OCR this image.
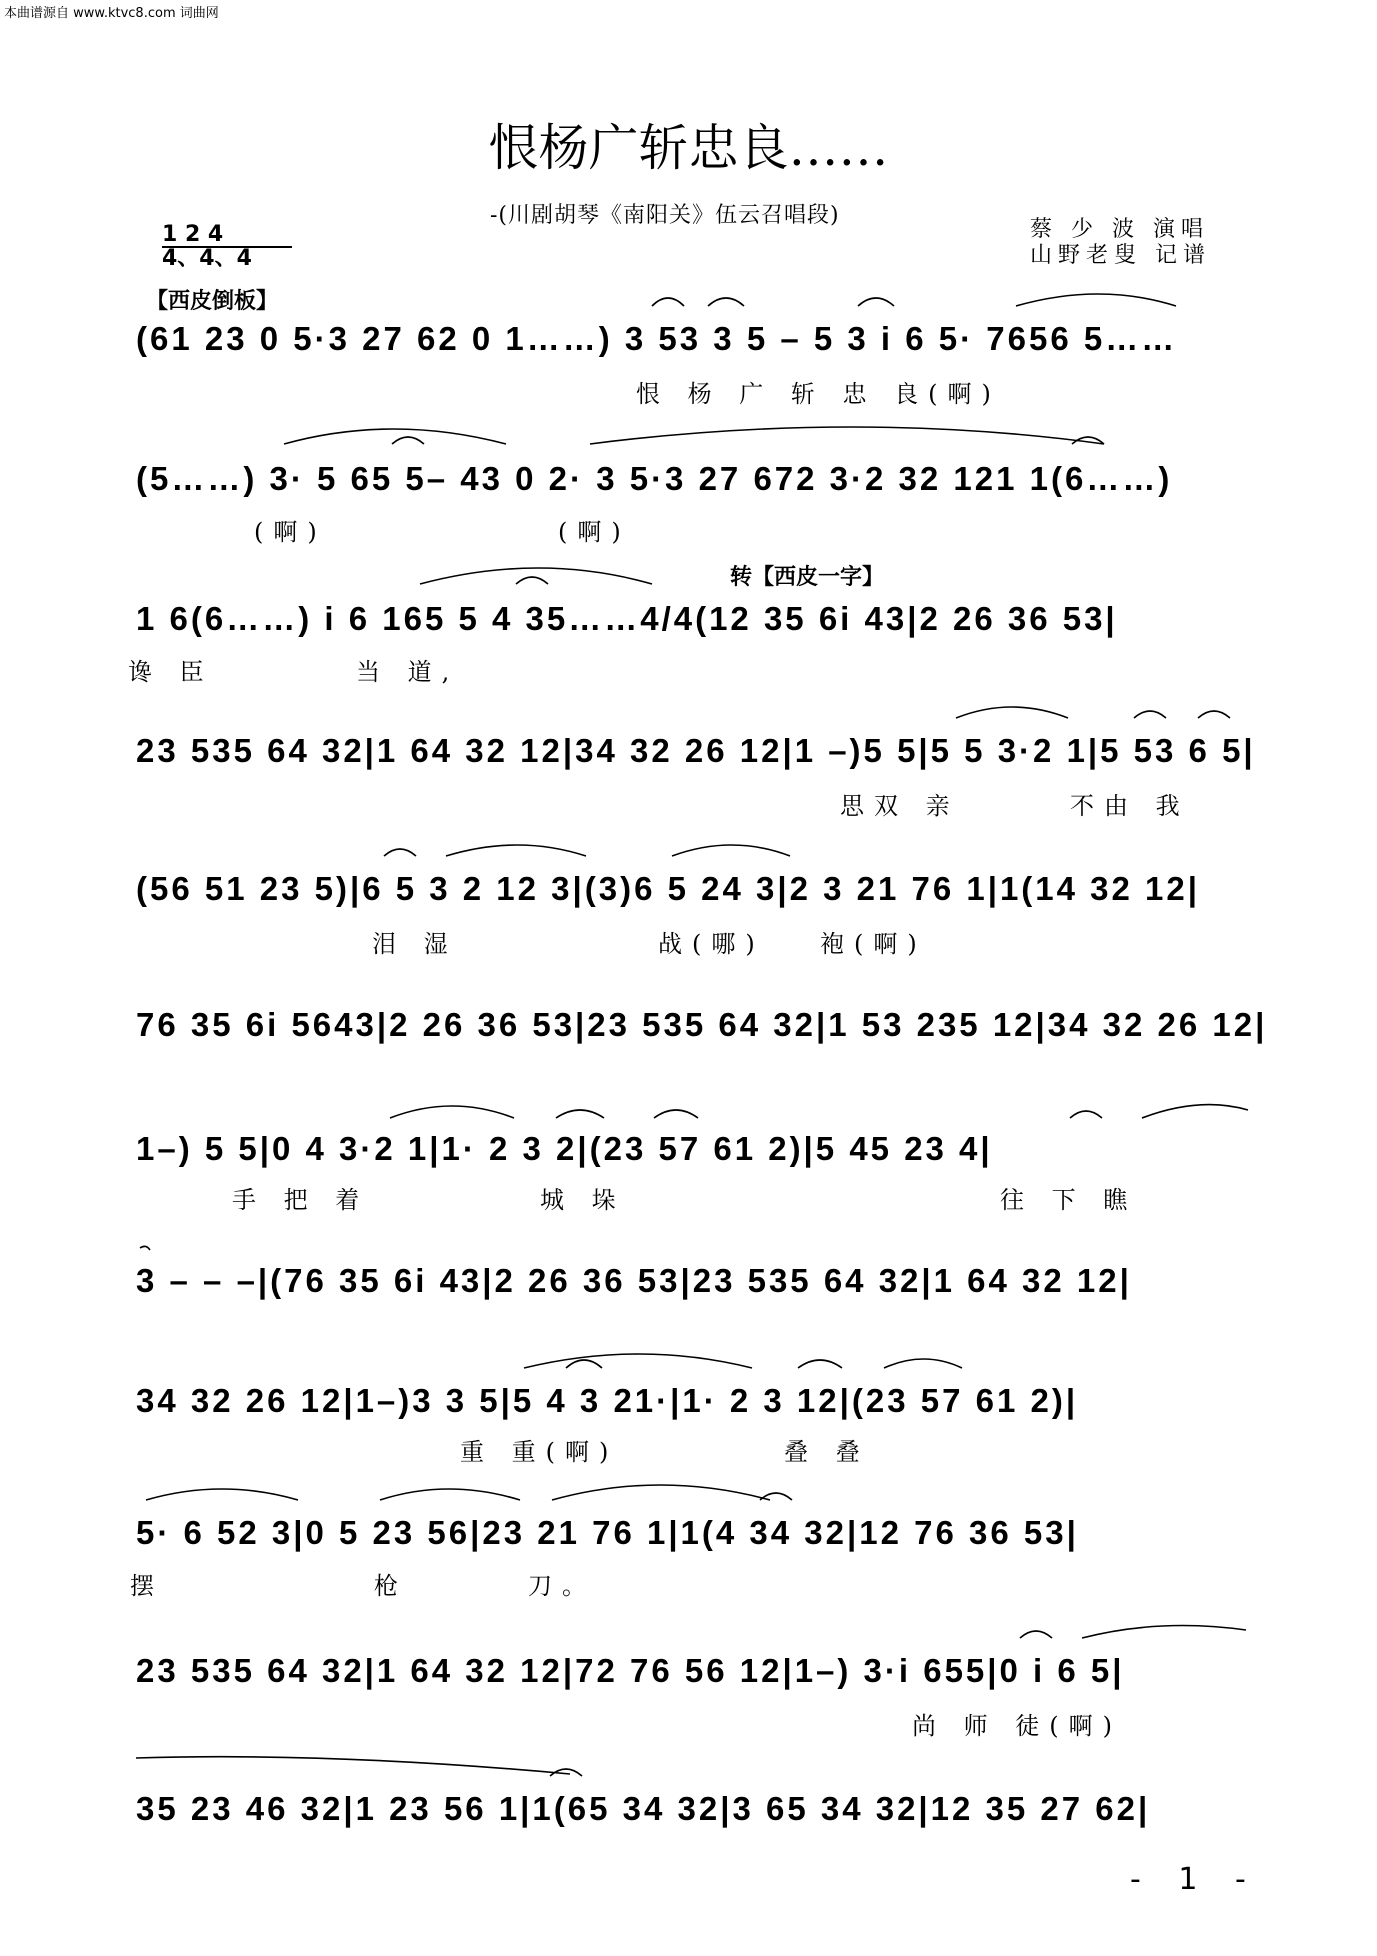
本曲谱源自 www.ktvc8.com 词曲网
恨杨广斩忠良……
-(川剧胡琴《南阳关》伍云召唱段)
蔡 少 波 演唱
山野老叟 记谱
1 2 4
4、4、4
【西皮倒板】
转【西皮一字】
(61 23 0 5·3 27 62 0 1……) 3 53 3 5 – 5 3 i 6 5· 7656 5……
(5……) 3· 5 65 5– 43 0 2· 3 5·3 27 672 3·2 32 121 1(6……)
1 6(6……) i 6 165 5 4 35……4/4(12 35 6i 43|2 26 36 53|
23 535 64 32|1 64 32 12|34 32 26 12|1 –)5 5|5 5 3·2 1|5 53 6 5|
(56 51 23 5)|6 5 3 2 12 3|(3)6 5 24 3|2 3 21 76 1|1(14 32 12|
76 35 6i 5643|2 26 36 53|23 535 64 32|1 53 235 12|34 32 26 12|
1–) 5 5|0 4 3·2 1|1· 2 3 2|(23 57 61 2)|5 45 23 4|
3 – – –|(76 35 6i 43|2 26 36 53|23 535 64 32|1 64 32 12|
34 32 26 12|1–)3 3 5|5 4 3 21·|1· 2 3 12|(23 57 61 2)|
5· 6 52 3|0 5 23 56|23 21 76 1|1(4 34 32|12 76 36 53|
23 535 64 32|1 64 32 12|72 76 56 12|1–) 3·i 655|0 i 6 5|
35 23 46 32|1 23 56 1|1(65 34 32|3 65 34 32|12 35 27 62|
恨 杨 广 斩 忠 良(啊)
(啊)	(啊)
谗 臣	当 道,
思双 亲	不由 我
泪 湿	战(哪) 袍(啊)
手 把 着	城 垛	往 下 瞧
重 重(啊)	叠 叠
摆	枪	刀。
尚 师 徒(啊)
- 1 -
